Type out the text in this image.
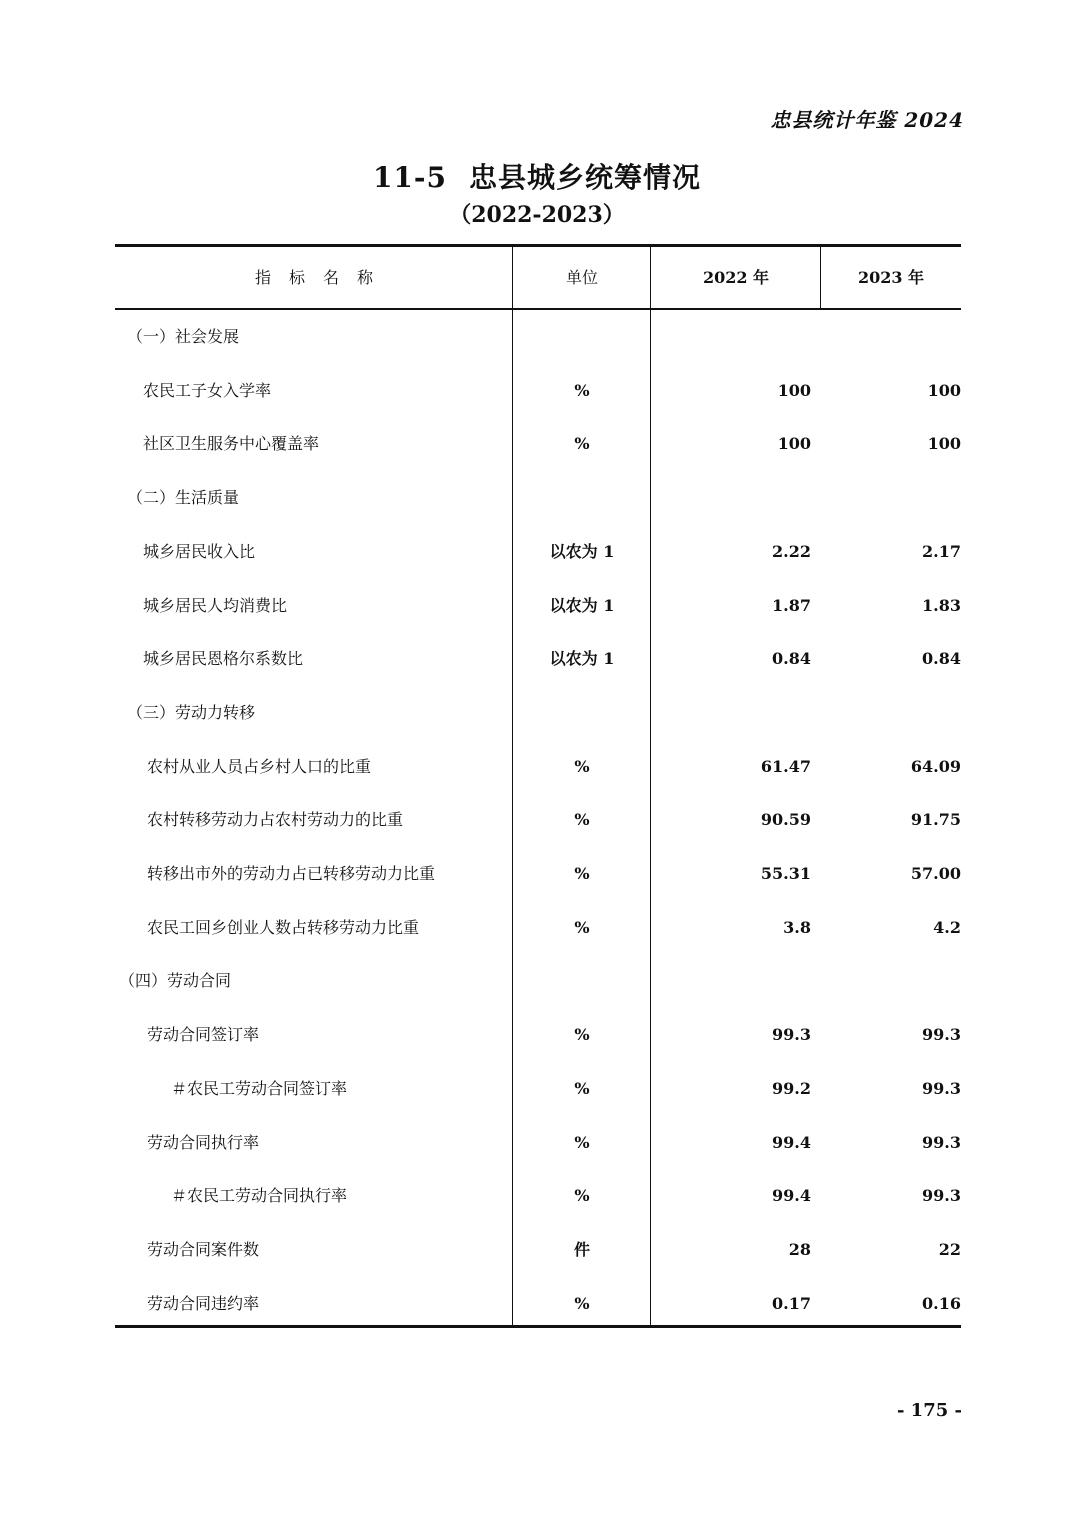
忠县统计年鉴 2024
11-5 忠县城乡统筹情况
（2022-2023）
指标名称	单位	2022 年	2023 年
（一）社会发展
农民工子女入学率	%	100	100
社区卫生服务中心覆盖率	%	100	100
（二）生活质量
城乡居民收入比	以农为 1	2.22	2.17
城乡居民人均消费比	以农为 1	1.87	1.83
城乡居民恩格尔系数比	以农为 1	0.84	0.84
（三）劳动力转移
农村从业人员占乡村人口的比重	%	61.47	64.09
农村转移劳动力占农村劳动力的比重	%	90.59	91.75
转移出市外的劳动力占已转移劳动力比重	%	55.31	57.00
农民工回乡创业人数占转移劳动力比重	%	3.8	4.2
（四）劳动合同
劳动合同签订率	%	99.3	99.3
＃农民工劳动合同签订率	%	99.2	99.3
劳动合同执行率	%	99.4	99.3
＃农民工劳动合同执行率	%	99.4	99.3
劳动合同案件数	件	28	22
劳动合同违约率	%	0.17	0.16
- 175 -
